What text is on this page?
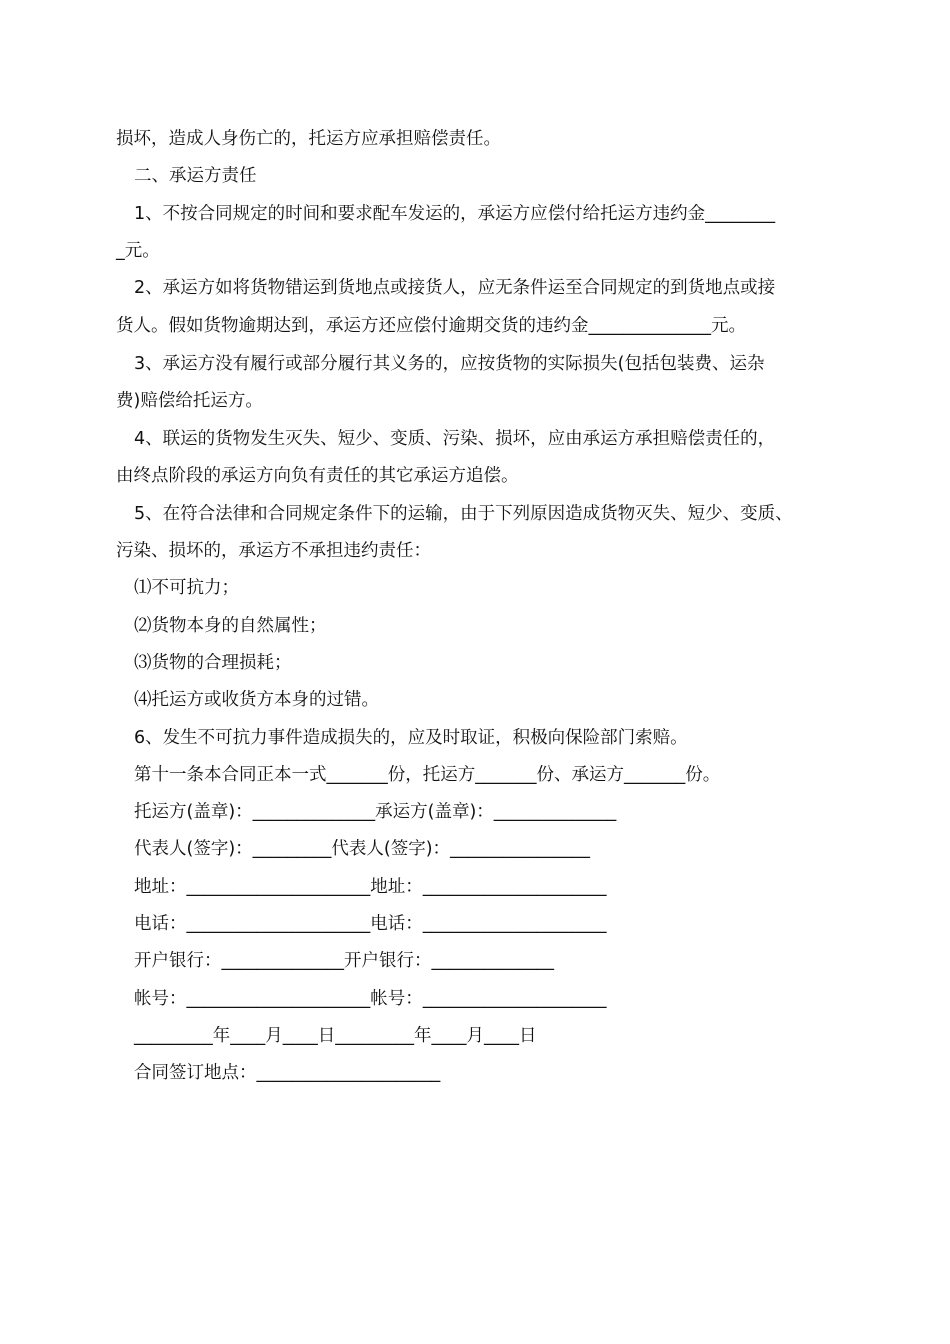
损坏，造成人身伤亡的，托运方应承担赔偿责任。
二、承运方责任
1、不按合同规定的时间和要求配车发运的，承运方应偿付给托运方违约金________
_元。
2、承运方如将货物错运到货地点或接货人，应无条件运至合同规定的到货地点或接
货人。假如货物逾期达到，承运方还应偿付逾期交货的违约金______________元。
3、承运方没有履行或部分履行其义务的，应按货物的实际损失(包括包装费、运杂
费)赔偿给托运方。
4、联运的货物发生灭失、短少、变质、污染、损坏，应由承运方承担赔偿责任的，
由终点阶段的承运方向负有责任的其它承运方追偿。
5、在符合法律和合同规定条件下的运输，由于下列原因造成货物灭失、短少、变质、
污染、损坏的，承运方不承担违约责任：
⑴不可抗力；
⑵货物本身的自然属性；
⑶货物的合理损耗；
⑷托运方或收货方本身的过错。
6、发生不可抗力事件造成损失的，应及时取证，积极向保险部门索赔。
第十一条本合同正本一式_______份，托运方_______份、承运方_______份。
托运方(盖章)：______________承运方(盖章)：______________
代表人(签字)：_________代表人(签字)：________________
地址：_____________________地址：_____________________
电话：_____________________电话：_____________________
开户银行：______________开户银行：______________
帐号：_____________________帐号：_____________________
_________年____月____日_________年____月____日
合同签订地点：_____________________
